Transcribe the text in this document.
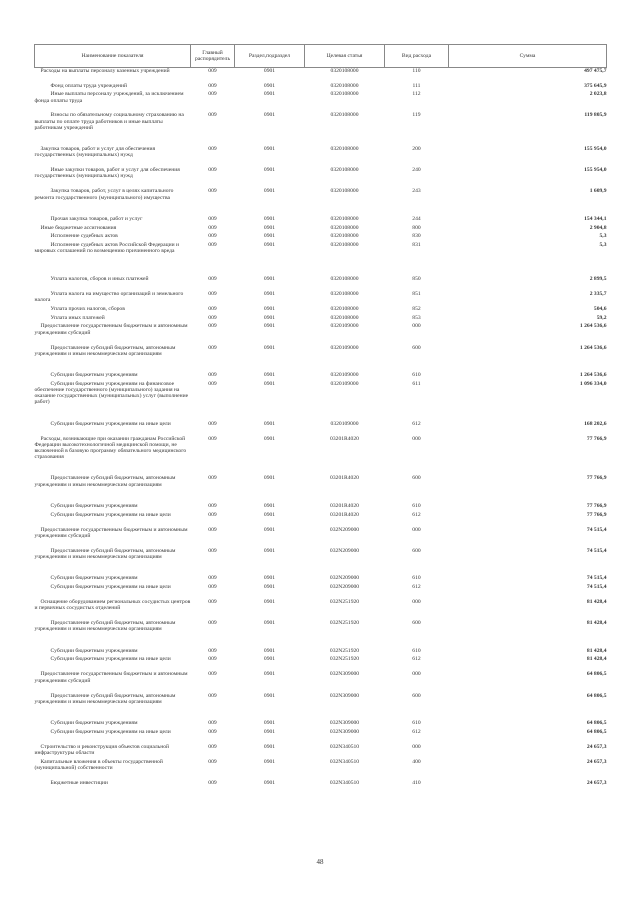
Наименование показателя	Главный распорядитель	Раздел,подраздел	Целевая статья	Вид расхода	Сумма
Расходы на выплаты персоналу казенных учреждений	009	0901	0320108000	110	497 475,7
Фонд оплаты труда учреждений	009	0901	0320108000	111	375 645,9
Иные выплаты персоналу учреждений, за исключением фонда оплаты труда	009	0901	0320108000	112	2 023,8
Взносы по обязательному социальному страхованию на выплаты по оплате труда работников и иные выплаты работникам учреждений	009	0901	0320108000	119	119 805,9
Закупка товаров, работ и услуг для обеспечения государственных (муниципальных) нужд	009	0901	0320108000	200	155 954,0
Иные закупки товаров, работ и услуг для обеспечения государственных (муниципальных) нужд	009	0901	0320108000	240	155 954,0
Закупка товаров, работ, услуг в целях капитального ремонта государственного (муниципального) имущества	009	0901	0320108000	243	1 609,9
Прочая закупка товаров, работ и услуг	009	0901	0320108000	244	154 344,1
Иные бюджетные ассигнования	009	0901	0320108000	800	2 904,8
Исполнение судебных актов	009	0901	0320108000	830	5,3
Исполнение судебных актов Российской Федерации и мировых соглашений по возмещению причиненного вреда	009	0901	0320108000	831	5,3
Уплата налогов, сборов и иных платежей	009	0901	0320108000	850	2 899,5
Уплата налога на имущество организаций и земельного налога	009	0901	0320108000	851	2 335,7
Уплата прочих налогов, сборов	009	0901	0320108000	852	504,6
Уплата иных платежей	009	0901	0320108000	853	59,2
Предоставление государственным бюджетным и автономным учреждениям субсидий	009	0901	0320109000	000	1 264 536,6
Предоставление субсидий бюджетным, автономным учреждениям и иным некоммерческим организациям	009	0901	0320109000	600	1 264 536,6
Субсидии бюджетным учреждениям	009	0901	0320109000	610	1 264 536,6
Субсидии бюджетным учреждениям на финансовое обеспечение государственного (муниципального) задания на оказание государственных (муниципальных) услуг (выполнение работ)	009	0901	0320109000	611	1 096 334,0
Субсидии бюджетным учреждениям на иные цели	009	0901	0320109000	612	168 202,6
Расходы, возникающие при оказании гражданам Российской Федерации высокотехнологичной медицинской помощи, не включенной в базовую программу обязательного медицинского страхования	009	0901	03201R4020	000	77 766,9
Предоставление субсидий бюджетным, автономным учреждениям и иным некоммерческим организациям	009	0901	03201R4020	600	77 766,9
Субсидии бюджетным учреждениям	009	0901	03201R4020	610	77 766,9
Субсидии бюджетным учреждениям на иные цели	009	0901	03201R4020	612	77 766,9
Предоставление государственным бюджетным и автономным учреждениям субсидий	009	0901	032N209000	000	74 515,4
Предоставление субсидий бюджетным, автономным учреждениям и иным некоммерческим организациям	009	0901	032N209000	600	74 515,4
Субсидии бюджетным учреждениям	009	0901	032N209000	610	74 515,4
Субсидии бюджетным учреждениям на иные цели	009	0901	032N209000	612	74 515,4
Оснащение оборудованием региональных сосудистых центров и первичных сосудистых отделений	009	0901	032N251920	000	81 428,4
Предоставление субсидий бюджетным, автономным учреждениям и иным некоммерческим организациям	009	0901	032N251920	600	81 428,4
Субсидии бюджетным учреждениям	009	0901	032N251920	610	81 428,4
Субсидии бюджетным учреждениям на иные цели	009	0901	032N251920	612	81 428,4
Предоставление государственным бюджетным и автономным учреждениям субсидий	009	0901	032N309000	000	64 806,5
Предоставление субсидий бюджетным, автономным учреждениям и иным некоммерческим организациям	009	0901	032N309000	600	64 806,5
Субсидии бюджетным учреждениям	009	0901	032N309000	610	64 806,5
Субсидии бюджетным учреждениям на иные цели	009	0901	032N309000	612	64 806,5
Строительство и реконструкция объектов социальной инфраструктуры области	009	0901	032N340510	000	24 657,3
Капитальные вложения в объекты государственной (муниципальной) собственности	009	0901	032N340510	400	24 657,3
Бюджетные инвестиции	009	0901	032N340510	410	24 657,3
48
